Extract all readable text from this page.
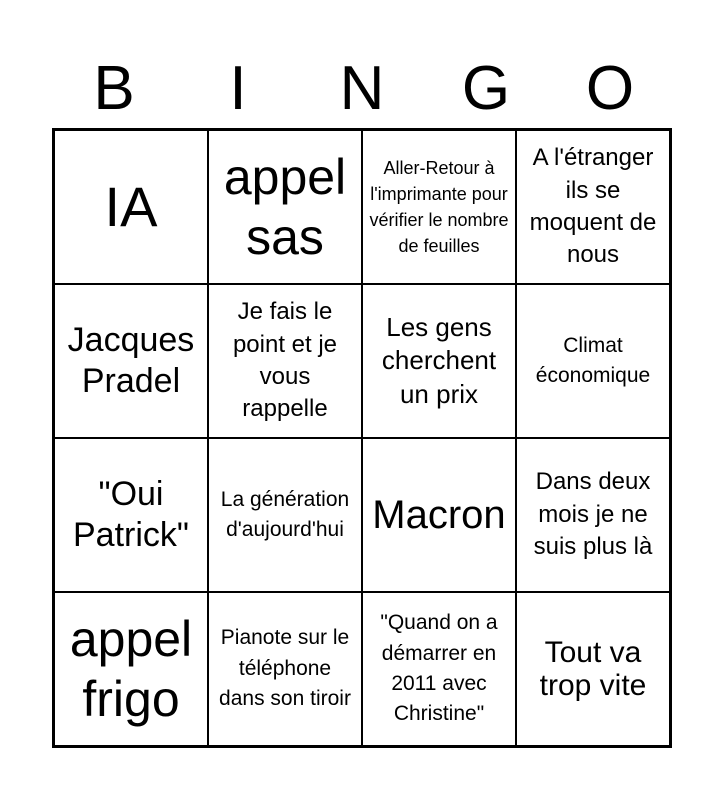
B	I	N	G	O
IA appel sas
Aller-Retour à l'imprimante pour vérifier le nombre de feuilles
A l'étranger ils se moquent de nous
Jacques Pradel
Je fais le point et je vous rappelle
Les gens cherchent un prix
Climat économique
"Oui Patrick"
La génération d'aujourd'hui Macron
Dans deux mois je ne suis plus là
appel frigo
Pianote sur le téléphone dans son tiroir
"Quand on a démarrer en 2011 avec Christine"
Tout va trop vite
